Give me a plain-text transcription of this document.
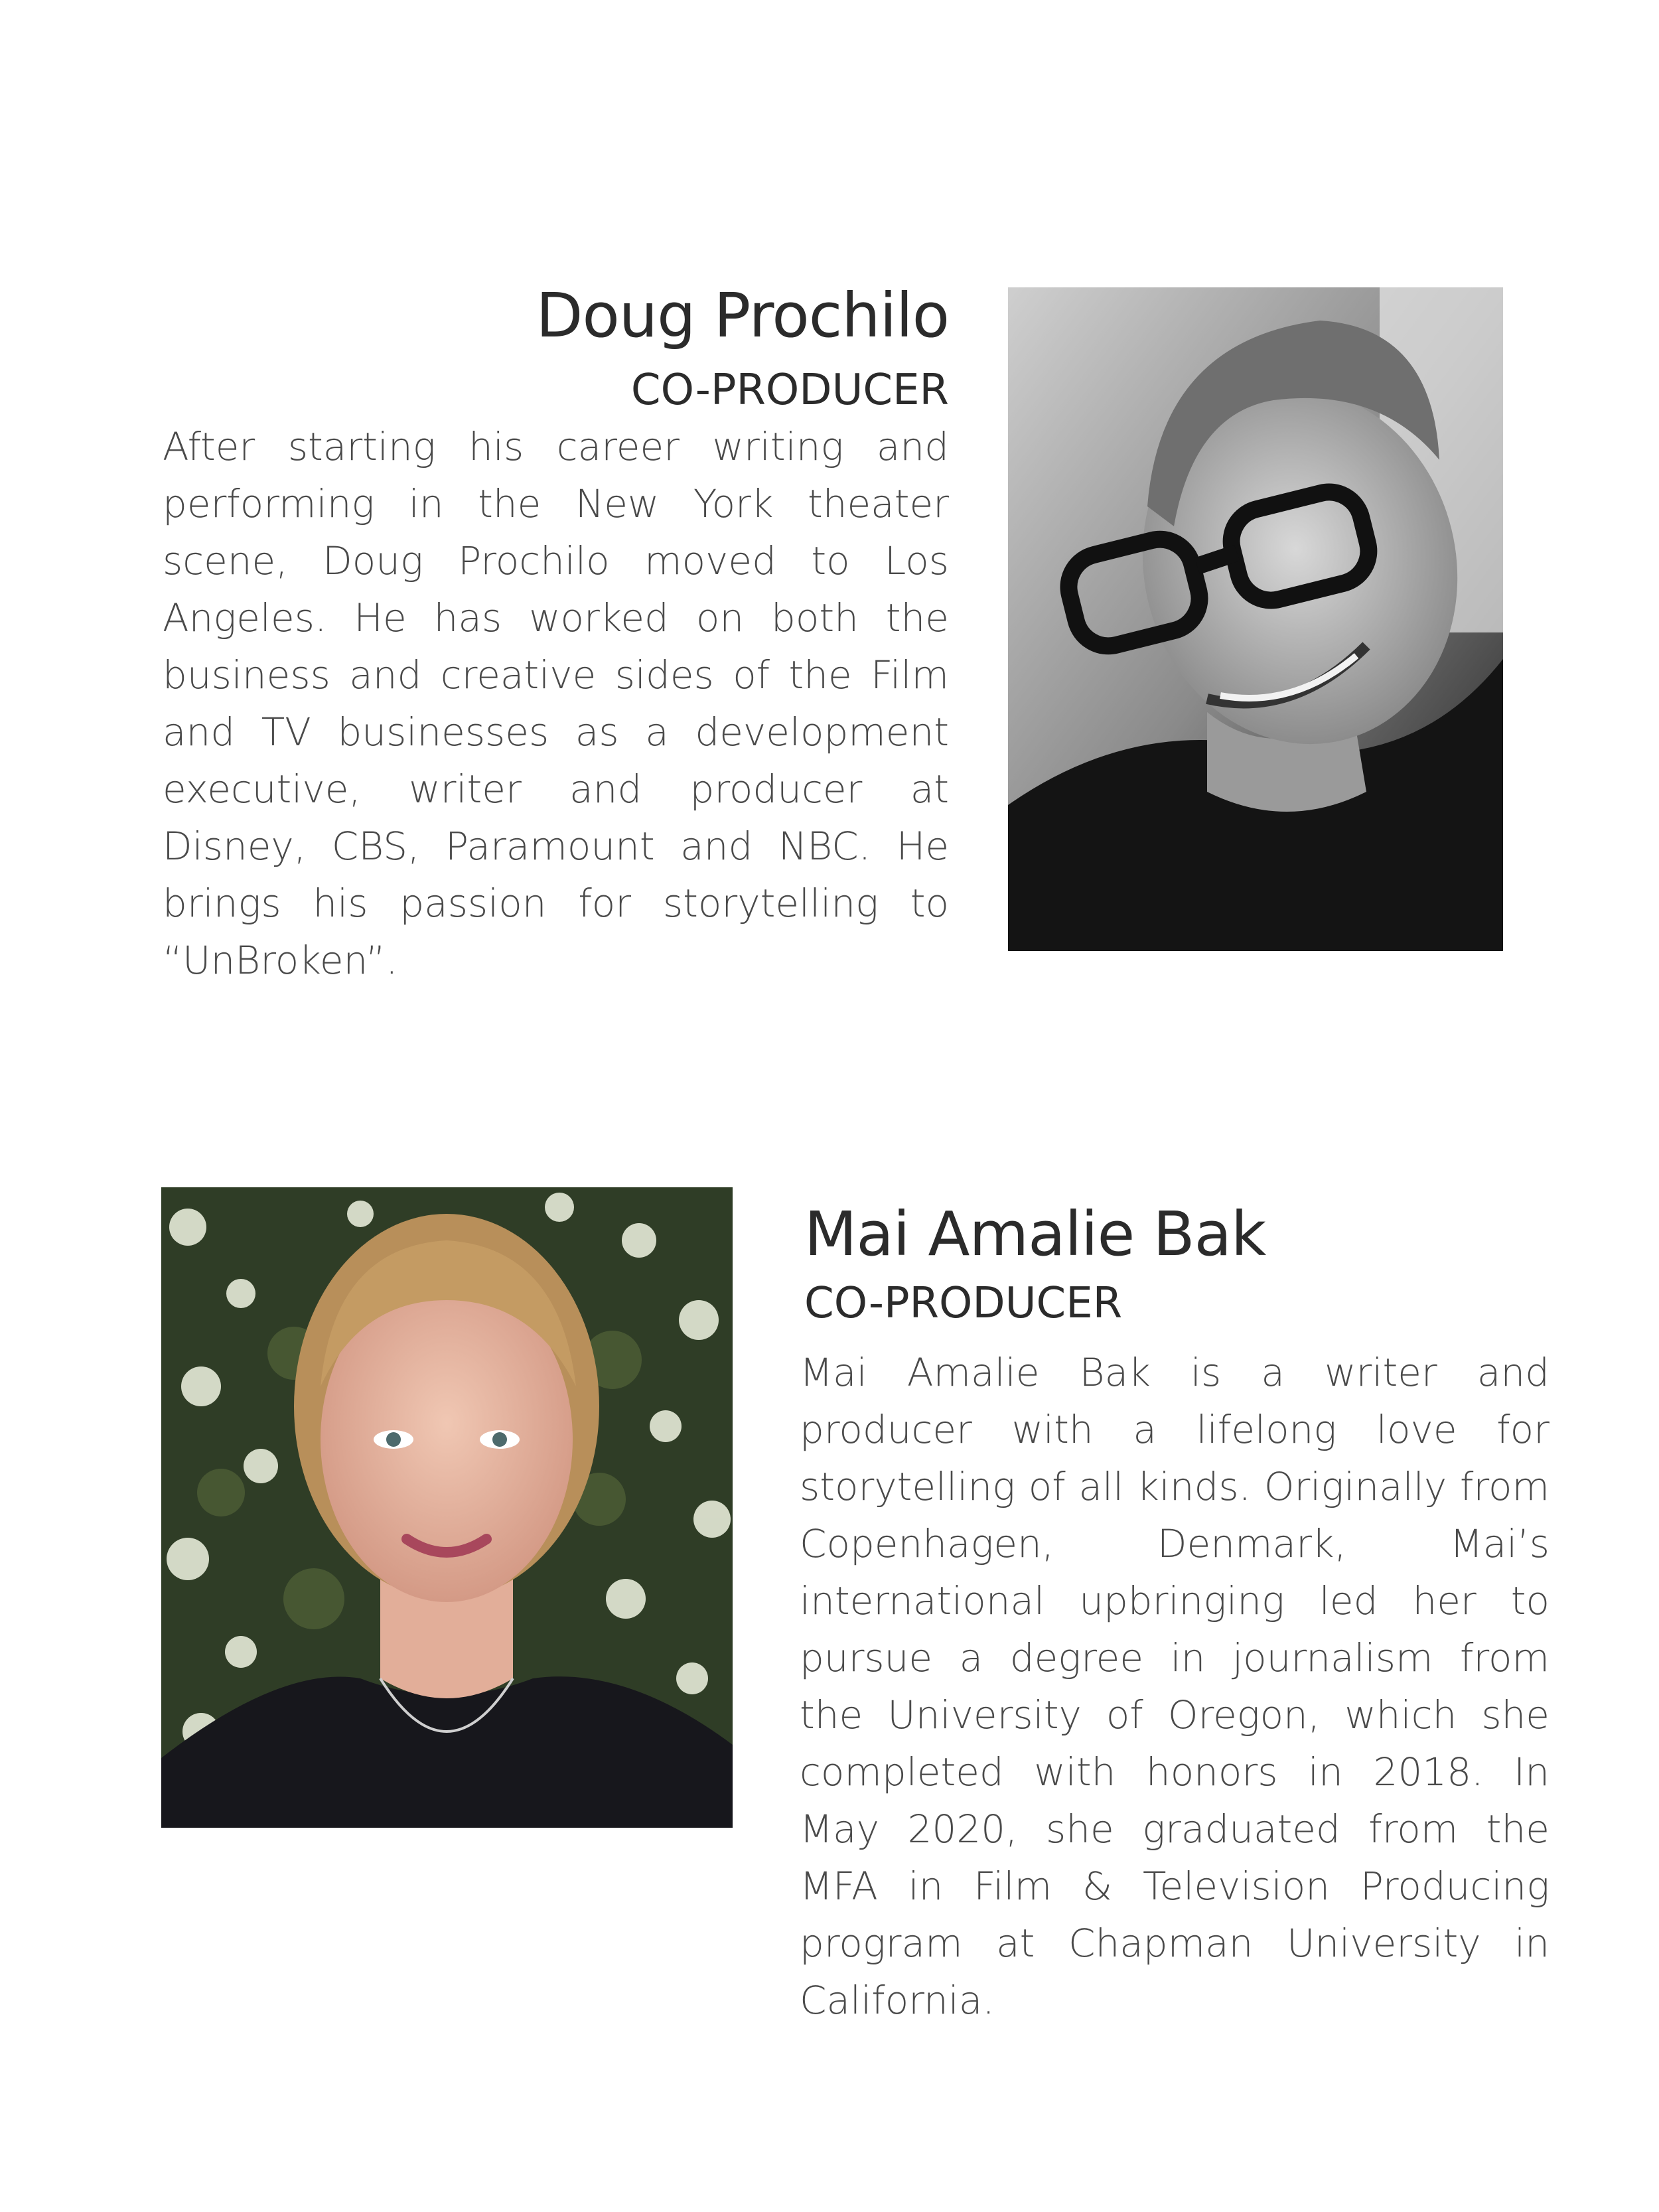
Doug Prochilo
CO-PRODUCER

After starting his career writing and performing in the New York theater scene, Doug Prochilo moved to Los Angeles. He has worked on both the business and creative sides of the Film and TV businesses as a development executive, writer and producer at Disney, CBS, Paramount and NBC. He brings his passion for storytelling to “UnBroken”.

Mai Amalie Bak
CO-PRODUCER

Mai Amalie Bak is a writer and producer with a lifelong love for storytelling of all kinds. Originally from Copenhagen, Denmark, Mai’s international upbringing led her to pursue a degree in journalism from the University of Oregon, which she completed with honors in 2018. In May 2020, she graduated from the MFA in Film & Television Producing program at Chapman University in California.
